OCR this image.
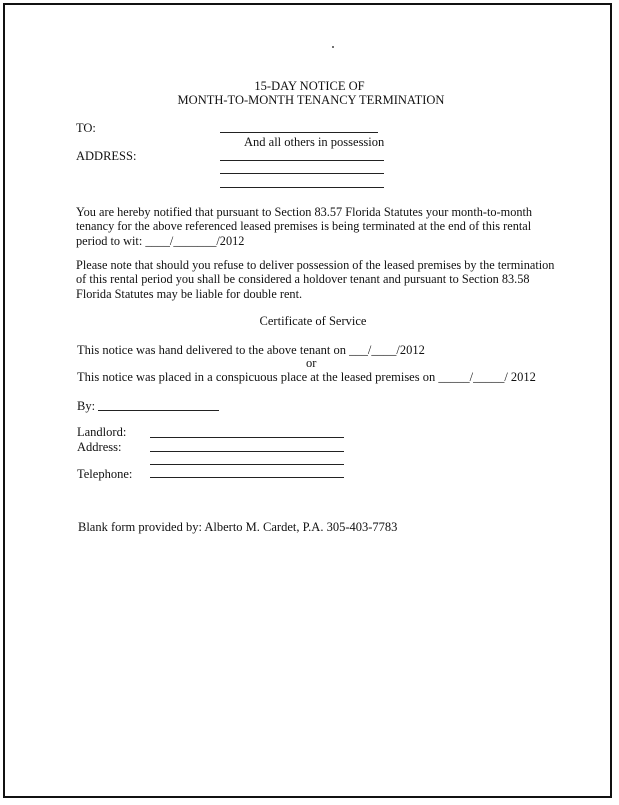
15-DAY NOTICE OF
MONTH-TO-MONTH TENANCY TERMINATION
TO:
And all others in possession
ADDRESS:
You are hereby notified that pursuant to Section 83.57 Florida Statutes your month-to-month
tenancy for the above referenced leased premises is being terminated at the end of this rental
period to wit: ____/_______/2012
Please note that should you refuse to deliver possession of the leased premises by the termination
of this rental period you shall be considered a holdover tenant and pursuant to Section 83.58
Florida Statutes may be liable for double rent.
Certificate of Service
This notice was hand delivered to the above tenant on ___/____/2012
or
This notice was placed in a conspicuous place at the leased premises on _____/_____/ 2012
By:
Landlord:
Address:
Telephone:
Blank form provided by: Alberto M. Cardet, P.A. 305-403-7783
